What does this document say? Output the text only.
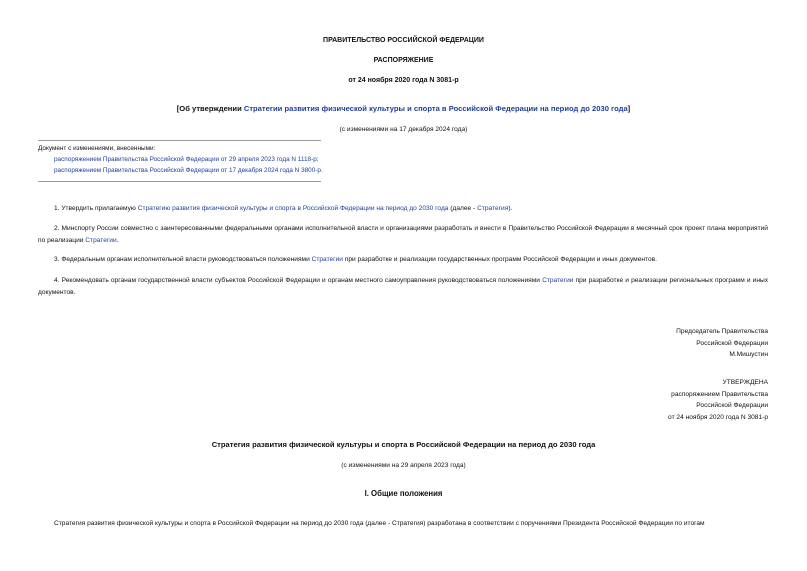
ПРАВИТЕЛЬСТВО РОССИЙСКОЙ ФЕДЕРАЦИИ
РАСПОРЯЖЕНИЕ
от 24 ноября 2020 года N 3081-р
[Об утверждении Стратегии развития физической культуры и спорта в Российской Федерации на период до 2030 года]
(с изменениями на 17 декабря 2024 года)
Документ с изменениями, внесенными:
распоряжением Правительства Российской Федерации от 29 апреля 2023 года N 1118-р;
распоряжением Правительства Российской Федерации от 17 декабря 2024 года N 3800-р.
1. Утвердить прилагаемую Стратегию развития физической культуры и спорта в Российской Федерации на период до 2030 года (далее - Стратегия).
2. Минспорту России совместно с заинтересованными федеральными органами исполнительной власти и организациями разработать и внести в Правительство Российской Федерации в месячный срок проект плана мероприятий по реализации Стратегии.
3. Федеральным органам исполнительной власти руководствоваться положениями Стратегии при разработке и реализации государственных программ Российской Федерации и иных документов.
4. Рекомендовать органам государственной власти субъектов Российской Федерации и органам местного самоуправления руководствоваться положениями Стратегии при разработке и реализации региональных программ и иных документов.
Председатель Правительства
Российской Федерации
М.Мишустин
УТВЕРЖДЕНА
распоряжением Правительства
Российской Федерации
от 24 ноября 2020 года N 3081-р
Стратегия развития физической культуры и спорта в Российской Федерации на период до 2030 года
(с изменениями на 29 апреля 2023 года)
I. Общие положения
Стратегия развития физической культуры и спорта в Российской Федерации на период до 2030 года (далее - Стратегия) разработана в соответствии с поручениями Президента Российской Федерации по итогам
